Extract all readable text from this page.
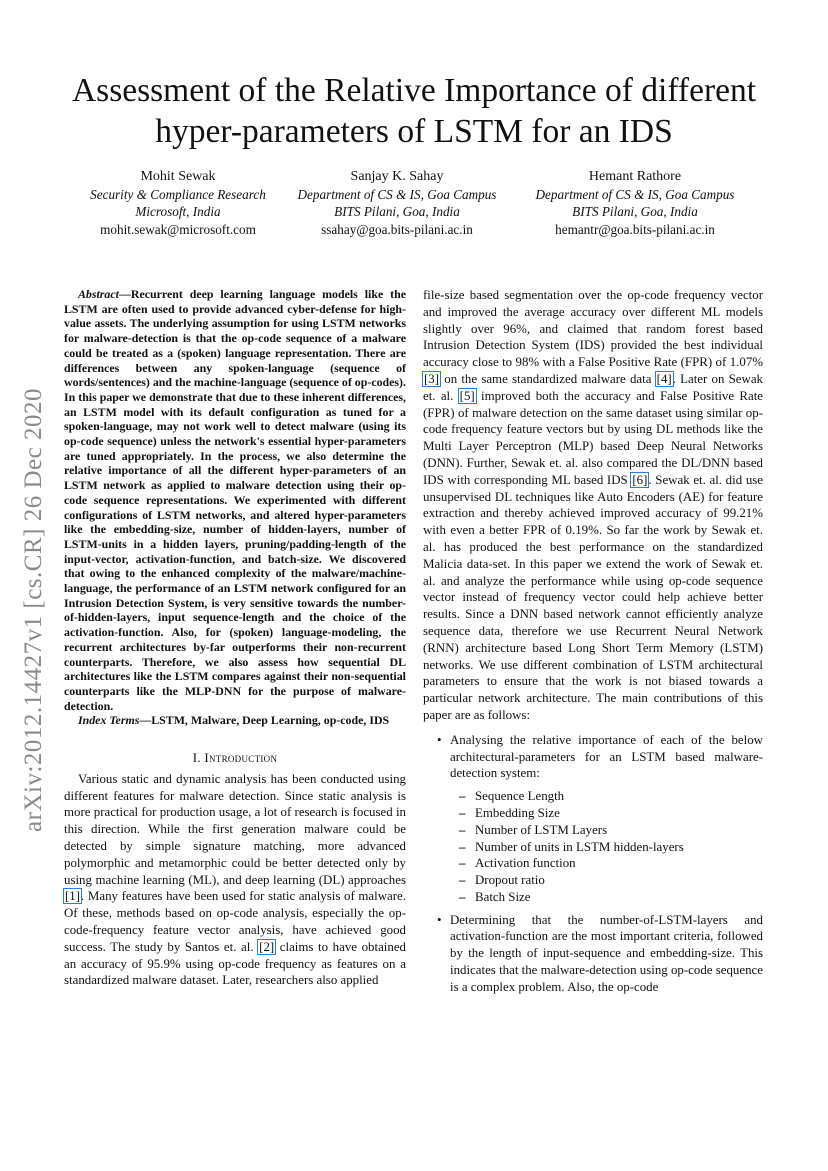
arXiv:2012.14427v1 [cs.CR] 26 Dec 2020
Assessment of the Relative Importance of different hyper-parameters of LSTM for an IDS
Mohit Sewak
Security & Compliance Research
Microsoft, India
mohit.sewak@microsoft.com
Sanjay K. Sahay
Department of CS & IS, Goa Campus
BITS Pilani, Goa, India
ssahay@goa.bits-pilani.ac.in
Hemant Rathore
Department of CS & IS, Goa Campus
BITS Pilani, Goa, India
hemantr@goa.bits-pilani.ac.in

Abstract—Recurrent deep learning language models like the LSTM are often used to provide advanced cyber-defense for high-value assets. The underlying assumption for using LSTM networks for malware-detection is that the op-code sequence of a malware could be treated as a (spoken) language representation. There are differences between any spoken-language (sequence of words/sentences) and the machine-language (sequence of op-codes). In this paper we demonstrate that due to these inherent differences, an LSTM model with its default configuration as tuned for a spoken-language, may not work well to detect malware (using its op-code sequence) unless the network's essential hyper-parameters are tuned appropriately. In the process, we also determine the relative importance of all the different hyper-parameters of an LSTM network as applied to malware detection using their op-code sequence representations. We experimented with different configurations of LSTM networks, and altered hyper-parameters like the embedding-size, number of hidden-layers, number of LSTM-units in a hidden layers, pruning/padding-length of the input-vector, activation-function, and batch-size. We discovered that owing to the enhanced complexity of the malware/machine-language, the performance of an LSTM network configured for an Intrusion Detection System, is very sensitive towards the number-of-hidden-layers, input sequence-length and the choice of the activation-function. Also, for (spoken) language-modeling, the recurrent architectures by-far outperforms their non-recurrent counterparts. Therefore, we also assess how sequential DL architectures like the LSTM compares against their non-sequential counterparts like the MLP-DNN for the purpose of malware-detection.

Index Terms—LSTM, Malware, Deep Learning, op-code, IDS

I. Introduction

Various static and dynamic analysis has been conducted using different features for malware detection. Since static analysis is more practical for production usage, a lot of research is focused in this direction. While the first generation malware could be detected by simple signature matching, more advanced polymorphic and metamorphic could be better detected only by using machine learning (ML), and deep learning (DL) approaches [1]. Many features have been used for static analysis of malware. Of these, methods based on op-code analysis, especially the op-code-frequency feature vector analysis, have achieved good success. The study by Santos et. al. [2] claims to have obtained an accuracy of 95.9% using op-code frequency as features on a standardized malware dataset. Later, researchers also applied

file-size based segmentation over the op-code frequency vector and improved the average accuracy over different ML models slightly over 96%, and claimed that random forest based Intrusion Detection System (IDS) provided the best individual accuracy close to 98% with a False Positive Rate (FPR) of 1.07% [3] on the same standardized malware data [4]. Later on Sewak et. al. [5] improved both the accuracy and False Positive Rate (FPR) of malware detection on the same dataset using similar op-code frequency feature vectors but by using DL methods like the Multi Layer Perceptron (MLP) based Deep Neural Networks (DNN). Further, Sewak et. al. also compared the DL/DNN based IDS with corresponding ML based IDS [6]. Sewak et. al. did use unsupervised DL techniques like Auto Encoders (AE) for feature extraction and thereby achieved improved accuracy of 99.21% with even a better FPR of 0.19%. So far the work by Sewak et. al. has produced the best performance on the standardized Malicia data-set. In this paper we extend the work of Sewak et. al. and analyze the performance while using op-code sequence vector instead of frequency vector could help achieve better results. Since a DNN based network cannot efficiently analyze sequence data, therefore we use Recurrent Neural Network (RNN) architecture based Long Short Term Memory (LSTM) networks. We use different combination of LSTM architectural parameters to ensure that the work is not biased towards a particular network architecture. The main contributions of this paper are as follows:

• Analysing the relative importance of each of the below architectural-parameters for an LSTM based malware-detection system:
– Sequence Length
– Embedding Size
– Number of LSTM Layers
– Number of units in LSTM hidden-layers
– Activation function
– Dropout ratio
– Batch Size
• Determining that the number-of-LSTM-layers and activation-function are the most important criteria, followed by the length of input-sequence and embedding-size. This indicates that the malware-detection using op-code sequence is a complex problem. Also, the op-code
